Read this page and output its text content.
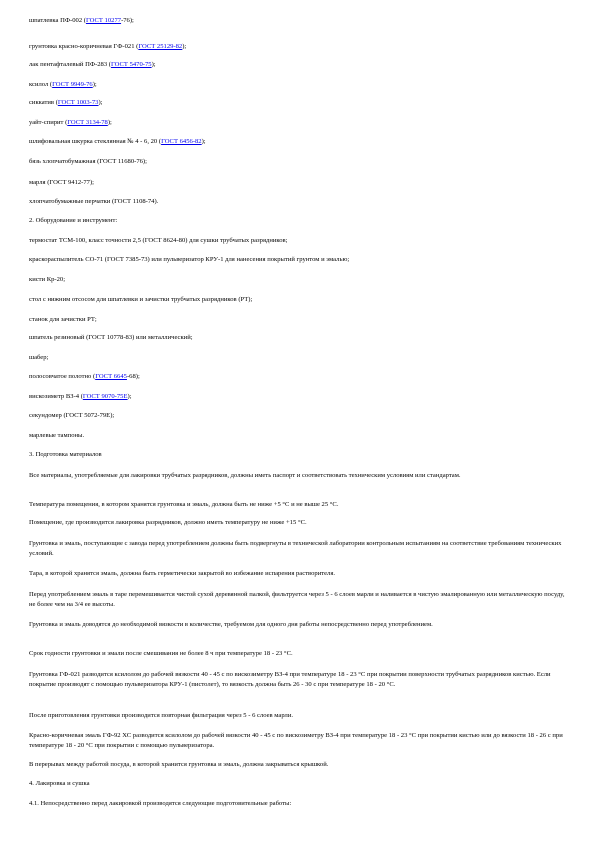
шпатлевка ПФ-002 (ГОСТ 10277-76);
грунтовка красно-коричневая ГФ-021 (ГОСТ 25129-82);
лак пентафталевый ПФ-283 (ГОСТ 5470-75);
ксилол (ГОСТ 9949-76);
сиккатив (ГОСТ 1003-73);
уайт-спирит (ГОСТ 3134-78);
шлифовальная шкурка стеклянная № 4 - 6, 20 (ГОСТ 6456-82);
бязь хлопчатобумажная (ГОСТ 11680-76);
марля (ГОСТ 9412-77);
хлопчатобумажные перчатки (ГОСТ 1108-74).
2. Оборудование и инструмент:
термостат ТСМ-100, класс точности 2,5 (ГОСТ 8624-80) для сушки трубчатых разрядников;
краскораспылитель СО-71 (ГОСТ 7385-73) или пульверизатор КРУ-1 для нанесения покрытий грунтом и эмалью;
кисти Кр-20;
стол с нижним отсосом для шпатлевки и зачистки трубчатых разрядников (РТ);
станок для зачистки РТ;
шпатель резиновый (ГОСТ 10778-83) или металлический;
шабер;
полосовчатое полотно (ГОСТ 6645-68);
вискозиметр ВЗ-4 (ГОСТ 9070-75Е);
секундомер (ГОСТ 5072-79Е);
марлевые тампоны.
3. Подготовка материалов
Все материалы, употребляемые для лакировки трубчатых разрядников, должны иметь паспорт и соответствовать техническим условиям или стандартам.
Температура помещения, в котором хранятся грунтовка и эмаль, должна быть не ниже +5 °С и не выше 25 °С.
Помещение, где производится лакировка разрядников, должно иметь температуру не ниже +15 °С.
Грунтовка и эмаль, поступающие с завода перед употреблением должны быть подвергнуты в технической лаборатории контрольным испытаниям на соответствие требованиям технических условий.
Тара, в которой хранятся эмаль, должна быть герметически закрытой во избежание испарения растворителя.
Перед употреблением эмаль в таре перемешивается чистой сухой деревянной палкой, фильтруется через 5 - 6 слоев марли и наливается в чистую эмалированную или металлическую посуду, не более чем на 3/4 ее высоты.
Грунтовка и эмаль доводятся до необходимой вязкости в количестве, требуемом для одного дня работы непосредственно перед употреблением.
Срок годности грунтовки и эмали после смешивания не более 8 ч при температуре 18 - 23 °С.
Грунтовка ГФ-021 разводится ксилолом до рабочей вязкости 40 - 45 с по вискозиметру ВЗ-4 при температуре 18 - 23 °С при покрытии поверхности трубчатых разрядников кистью. Если покрытие производят с помощью пульверизатора КРУ-1 (пистолет), то вязкость должна быть 26 - 30 с при температуре 18 - 20 °С.
После приготовления грунтовки производится повторная фильтрация через 5 - 6 слоев марли.
Красно-коричневая эмаль ГФ-92 ХС разводится ксилолом до рабочей вязкости 40 - 45 с по вискозиметру ВЗ-4 при температуре 18 - 23 °С при покрытии кистью или до вязкости 18 - 26 с при температуре 18 - 20 °С при покрытии с помощью пульверизатора.
В перерывах между работой посуда, в которой хранится грунтовка и эмаль, должна закрываться крышкой.
4. Лакировка и сушка
4.1. Непосредственно перед лакировкой производятся следующие подготовительные работы:
